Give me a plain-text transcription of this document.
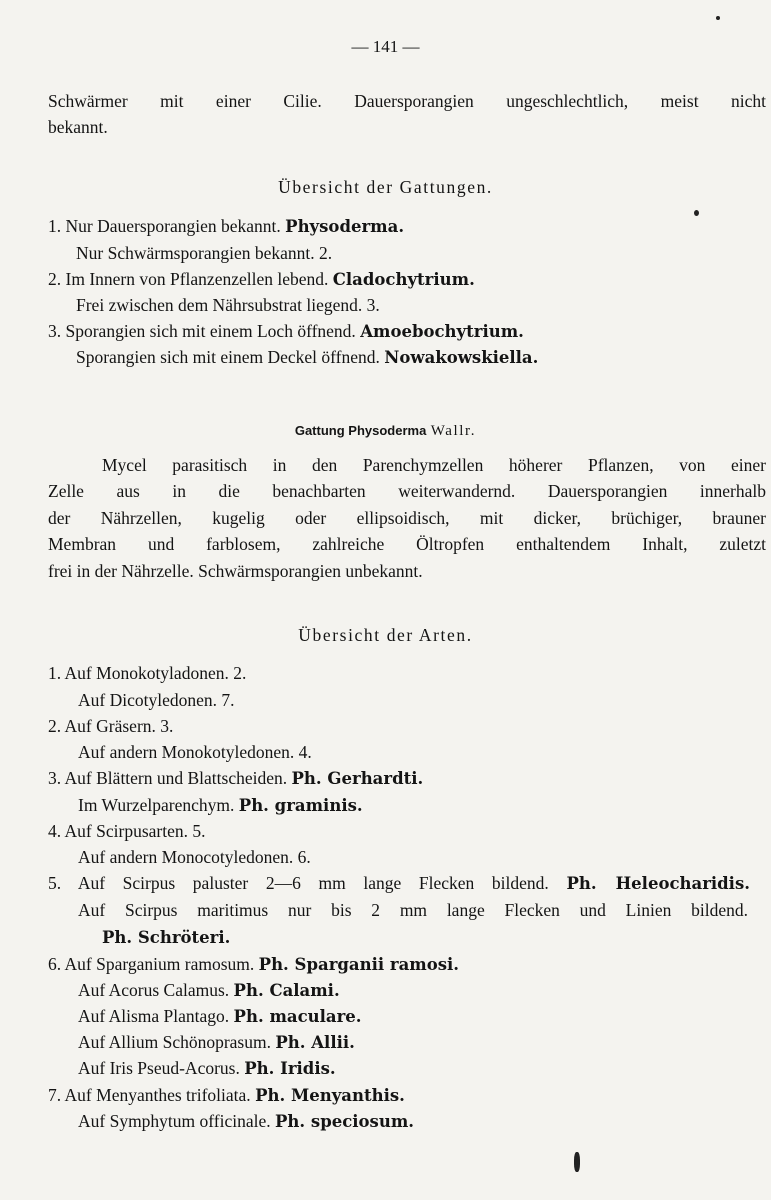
— 141 —
Schwärmer mit einer Cilie. Dauersporangien ungeschlechtlich, meist nicht
bekannt.
Übersicht der Gattungen.
1. Nur Dauersporangien bekannt. Physoderma.
Nur Schwärmsporangien bekannt. 2.
2. Im Innern von Pflanzenzellen lebend. Cladochytrium.
Frei zwischen dem Nährsubstrat liegend. 3.
3. Sporangien sich mit einem Loch öffnend. Amoebochytrium.
Sporangien sich mit einem Deckel öffnend. Nowakowskiella.
Gattung Physoderma Wallr.
Mycel parasitisch in den Parenchymzellen höherer Pflanzen, von einer
Zelle aus in die benachbarten weiterwandernd. Dauersporangien innerhalb
der Nährzellen, kugelig oder ellipsoidisch, mit dicker, brüchiger, brauner
Membran und farblosem, zahlreiche Öltropfen enthaltendem Inhalt, zuletzt
frei in der Nährzelle. Schwärmsporangien unbekannt.
Übersicht der Arten.
1. Auf Monokotyladonen. 2.
Auf Dicotyledonen. 7.
2. Auf Gräsern. 3.
Auf andern Monokotyledonen. 4.
3. Auf Blättern und Blattscheiden. Ph. Gerhardti.
Im Wurzelparenchym. Ph. graminis.
4. Auf Scirpusarten. 5.
Auf andern Monocotyledonen. 6.
5. Auf Scirpus paluster 2—6 mm lange Flecken bildend. Ph. Heleocharidis.
Auf Scirpus maritimus nur bis 2 mm lange Flecken und Linien bildend.
Ph. Schröteri.
6. Auf Sparganium ramosum. Ph. Sparganii ramosi.
Auf Acorus Calamus. Ph. Calami.
Auf Alisma Plantago. Ph. maculare.
Auf Allium Schönoprasum. Ph. Allii.
Auf Iris Pseud-Acorus. Ph. Iridis.
7. Auf Menyanthes trifoliata. Ph. Menyanthis.
Auf Symphytum officinale. Ph. speciosum.
